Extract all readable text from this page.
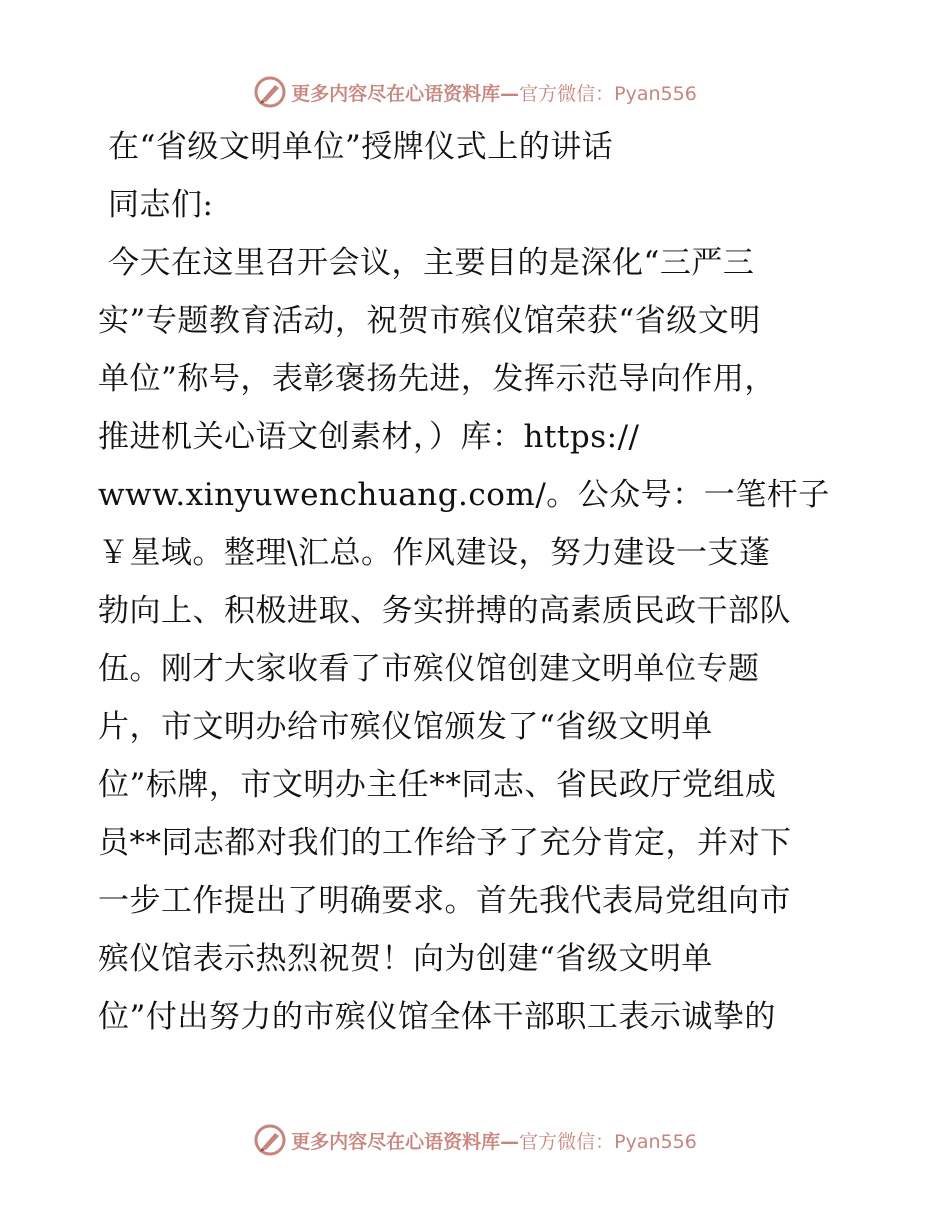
更多内容尽在心语资料库—官方微信：Pyan556
在“省级文明单位”授牌仪式上的讲话
同志们:
今天在这里召开会议，主要目的是深化“三严三
实”专题教育活动，祝贺市殡仪馆荣获“省级文明
单位”称号，表彰褒扬先进，发挥示范导向作用，
推进机关心语文创素材，）库：https://
www.xinyuwenchuang.com/。公众号：一笔杆子
￥星域。整理\汇总。作风建设，努力建设一支蓬
勃向上、积极进取、务实拼搏的高素质民政干部队
伍。刚才大家收看了市殡仪馆创建文明单位专题
片，市文明办给市殡仪馆颁发了“省级文明单
位”标牌，市文明办主任**同志、省民政厅党组成
员**同志都对我们的工作给予了充分肯定，并对下
一步工作提出了明确要求。首先我代表局党组向市
殡仪馆表示热烈祝贺！向为创建“省级文明单
位”付出努力的市殡仪馆全体干部职工表示诚挚的
更多内容尽在心语资料库—官方微信：Pyan556
